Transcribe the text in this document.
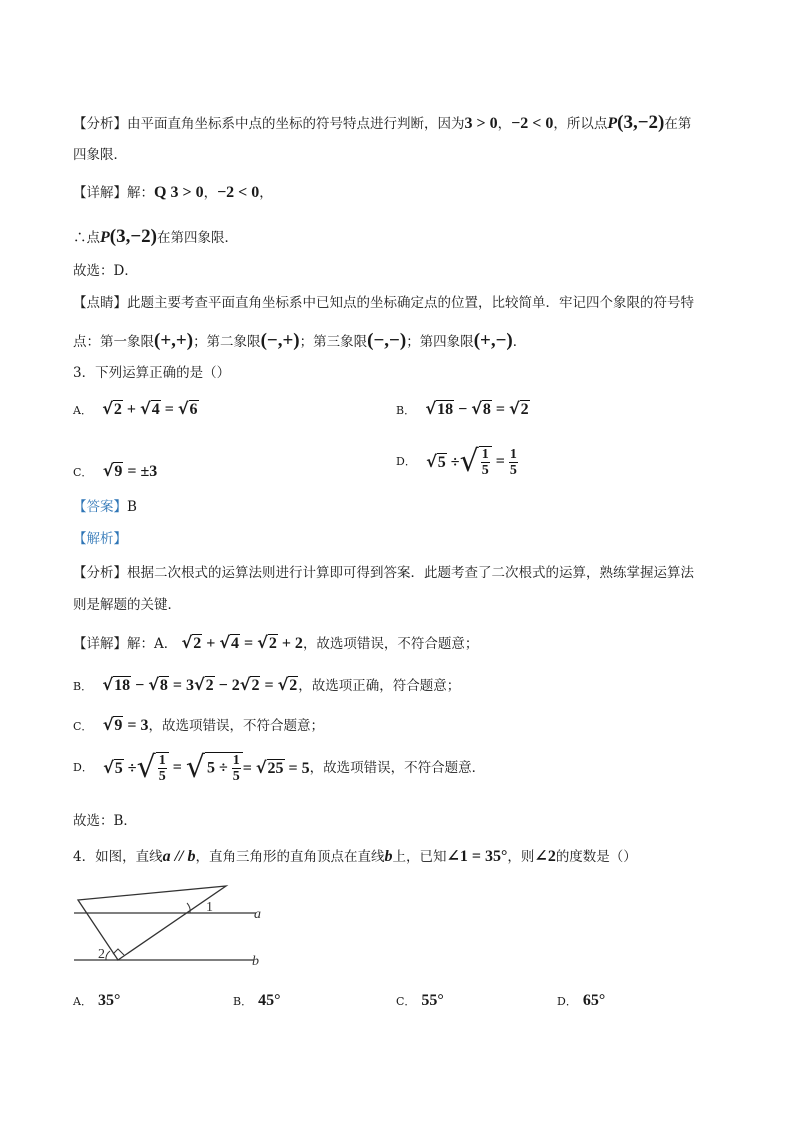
【分析】由平面直角坐标系中点的坐标的符号特点进行判断，因为3 > 0，−2 < 0，所以点P(3,−2)在第
四象限．
【详解】解：Q 3 > 0，−2 < 0，
∴点P(3,−2)在第四象限．
故选：D．
【点睛】此题主要考查平面直角坐标系中已知点的坐标确定点的位置，比较简单．牢记四个象限的符号特
点：第一象限(+,+)；第二象限(−,+)；第三象限(−,−)；第四象限(+,−)．
3．下列运算正确的是（）
A． √2 + √4 = √6	B． √18 − √8 = √2
C． √9 = ±3
D． √5 ÷√ $\frac{1}{5} = \frac{1}{5}$
【答案】B
【解析】
【分析】根据二次根式的运算法则进行计算即可得到答案．此题考查了二次根式的运算，熟练掌握运算法
则是解题的关键．
【详解】解：A． √2 + √4 = √2 + 2，故选项错误，不符合题意；
B． √18 − √8 = 3√2 − 2√2 = √2，故选项正确，符合题意；
C． √9 = 3，故选项错误，不符合题意；
D． √5 ÷√ $\frac{1}{5}$ = √ $5 \div \frac{1}{5} = √25 = 5$，故选项错误，不符合题意．
故选：B．
4．如图，直线a // b，直角三角形的直角顶点在直线b上，已知∠1 = 35°，则∠2的度数是（）
1
2
a
b
A． 35°	B． 45°	C． 55°	D． 65°
